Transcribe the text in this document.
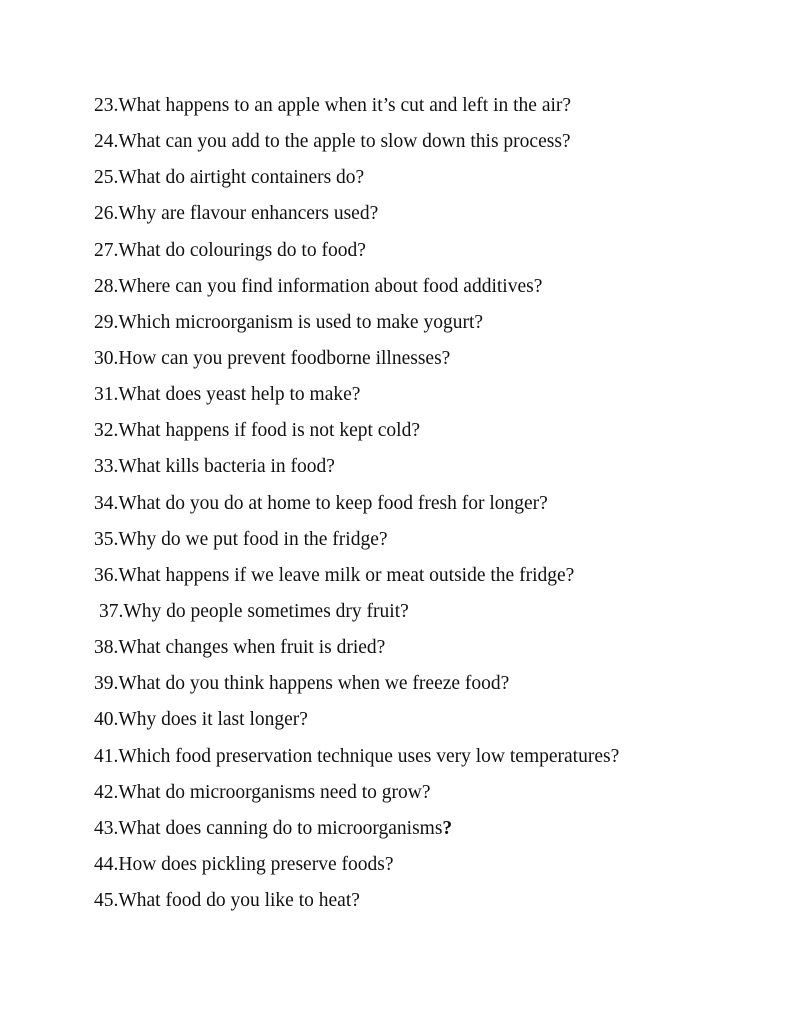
23.What happens to an apple when it’s cut and left in the air?
24.What can you add to the apple to slow down this process?
25.What do airtight containers do?
26.Why are flavour enhancers used?
27.What do colourings do to food?
28.Where can you find information about food additives?
29.Which microorganism is used to make yogurt?
30.How can you prevent foodborne illnesses?
31.What does yeast help to make?
32.What happens if food is not kept cold?
33.What kills bacteria in food?
34.What do you do at home to keep food fresh for longer?
35.Why do we put food in the fridge?
36.What happens if we leave milk or meat outside the fridge?
37.Why do people sometimes dry fruit?
38.What changes when fruit is dried?
39.What do you think happens when we freeze food?
40.Why does it last longer?
41.Which food preservation technique uses very low temperatures?
42.What do microorganisms need to grow?
43.What does canning do to microorganisms?
44.How does pickling preserve foods?
45.What food do you like to heat?
